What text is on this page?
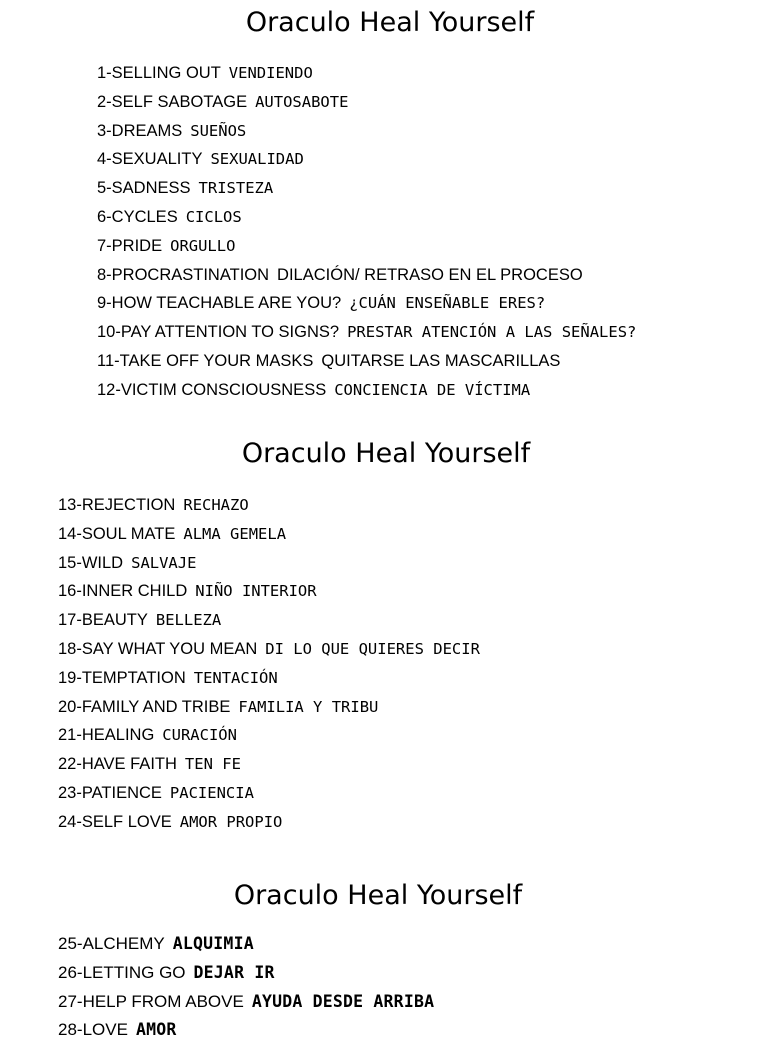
Oraculo Heal Yourself
1-SELLING OUT VENDIENDO
2-SELF SABOTAGE AUTOSABOTE
3-DREAMS SUEÑOS
4-SEXUALITY SEXUALIDAD
5-SADNESS TRISTEZA
6-CYCLES CICLOS
7-PRIDE ORGULLO
8-PROCRASTINATION DILACIÓN/ RETRASO EN EL PROCESO
9-HOW TEACHABLE ARE YOU? ¿CUÁN ENSEÑABLE ERES?
10-PAY ATTENTION TO SIGNS? PRESTAR ATENCIÓN A LAS SEÑALES?
11-TAKE OFF YOUR MASKS QUITARSE LAS MASCARILLAS
12-VICTIM CONSCIOUSNESS CONCIENCIA DE VÍCTIMA
Oraculo Heal Yourself
13-REJECTION RECHAZO
14-SOUL MATE ALMA GEMELA
15-WILD SALVAJE
16-INNER CHILD NIÑO INTERIOR
17-BEAUTY BELLEZA
18-SAY WHAT YOU MEAN DI LO QUE QUIERES DECIR
19-TEMPTATION TENTACIÓN
20-FAMILY AND TRIBE FAMILIA Y TRIBU
21-HEALING CURACIÓN
22-HAVE FAITH TEN FE
23-PATIENCE PACIENCIA
24-SELF LOVE AMOR PROPIO
Oraculo Heal Yourself
25-ALCHEMY ALQUIMIA
26-LETTING GO DEJAR IR
27-HELP FROM ABOVE AYUDA DESDE ARRIBA
28-LOVE AMOR
